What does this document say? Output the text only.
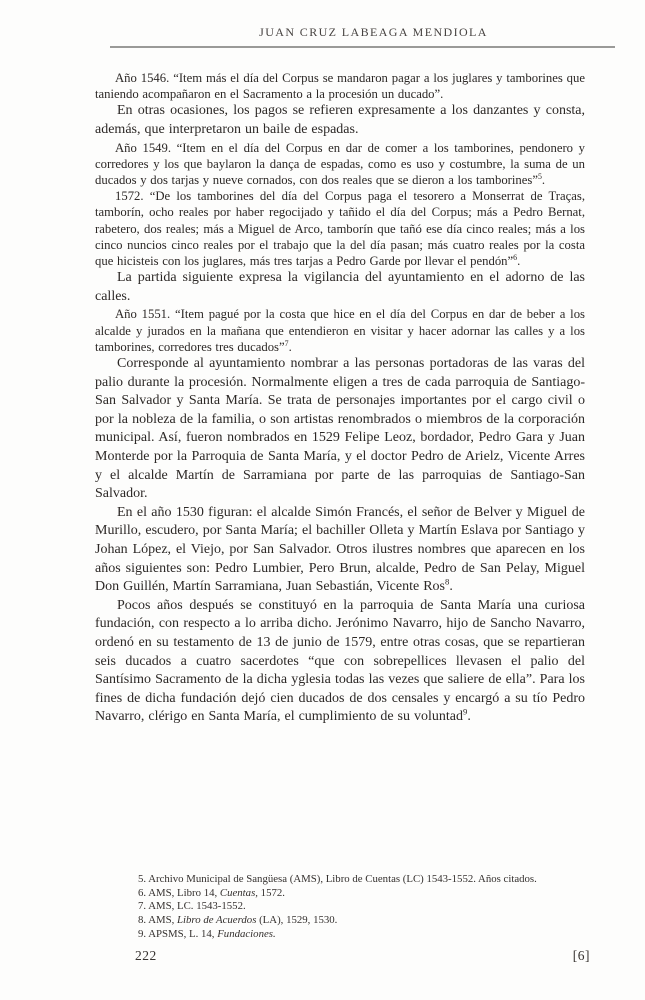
JUAN CRUZ LABEAGA MENDIOLA

Año 1546. “Item más el día del Corpus se mandaron pagar a los juglares y tamborines que taniendo acompañaron en el Sacramento a la procesión un ducado”.

En otras ocasiones, los pagos se refieren expresamente a los danzantes y consta, además, que interpretaron un baile de espadas.

Año 1549. “Item en el día del Corpus en dar de comer a los tamborines, pendonero y corredores y los que baylaron la dança de espadas, como es uso y costumbre, la suma de un ducados y dos tarjas y nueve cornados, con dos reales que se dieron a los tamborines”$^5$.

1572. “De los tamborines del día del Corpus paga el tesorero a Monserrat de Traças, tamborín, ocho reales por haber regocijado y tañido el día del Corpus; más a Pedro Bernat, rabetero, dos reales; más a Miguel de Arco, tamborín que tañó ese día cinco reales; más a los cinco nuncios cinco reales por el trabajo que la del día pasan; más cuatro reales por la costa que hicisteis con los juglares, más tres tarjas a Pedro Garde por llevar el pendón”$^6$.

La partida siguiente expresa la vigilancia del ayuntamiento en el adorno de las calles.

Año 1551. “Item pagué por la costa que hice en el día del Corpus en dar de beber a los alcalde y jurados en la mañana que entendieron en visitar y hacer adornar las calles y a los tamborines, corredores tres ducados”$^7$.

Corresponde al ayuntamiento nombrar a las personas portadoras de las varas del palio durante la procesión. Normalmente eligen a tres de cada parroquia de Santiago-San Salvador y Santa María. Se trata de personajes importantes por el cargo civil o por la nobleza de la familia, o son artistas renombrados o miembros de la corporación municipal. Así, fueron nombrados en 1529 Felipe Leoz, bordador, Pedro Gara y Juan Monterde por la Parroquia de Santa María, y el doctor Pedro de Arielz, Vicente Arres y el alcalde Martín de Sarramiana por parte de las parroquias de Santiago-San Salvador.

En el año 1530 figuran: el alcalde Simón Francés, el señor de Belver y Miguel de Murillo, escudero, por Santa María; el bachiller Olleta y Martín Eslava por Santiago y Johan López, el Viejo, por San Salvador. Otros ilustres nombres que aparecen en los años siguientes son: Pedro Lumbier, Pero Brun, alcalde, Pedro de San Pelay, Miguel Don Guillén, Martín Sarramiana, Juan Sebastián, Vicente Ros$^8$.

Pocos años después se constituyó en la parroquia de Santa María una curiosa fundación, con respecto a lo arriba dicho. Jerónimo Navarro, hijo de Sancho Navarro, ordenó en su testamento de 13 de junio de 1579, entre otras cosas, que se repartieran seis ducados a cuatro sacerdotes “que con sobrepellices llevasen el palio del Santísimo Sacramento de la dicha yglesia todas las vezes que saliere de ella”. Para los fines de dicha fundación dejó cien ducados de dos censales y encargó a su tío Pedro Navarro, clérigo en Santa María, el cumplimiento de su voluntad$^9$.

5. Archivo Municipal de Sangüesa (AMS), Libro de Cuentas (LC) 1543-1552. Años citados.
6. AMS, Libro 14, Cuentas, 1572.
7. AMS, LC. 1543-1552.
8. AMS, Libro de Acuerdos (LA), 1529, 1530.
9. APSMS, L. 14, Fundaciones.
222	[6]
